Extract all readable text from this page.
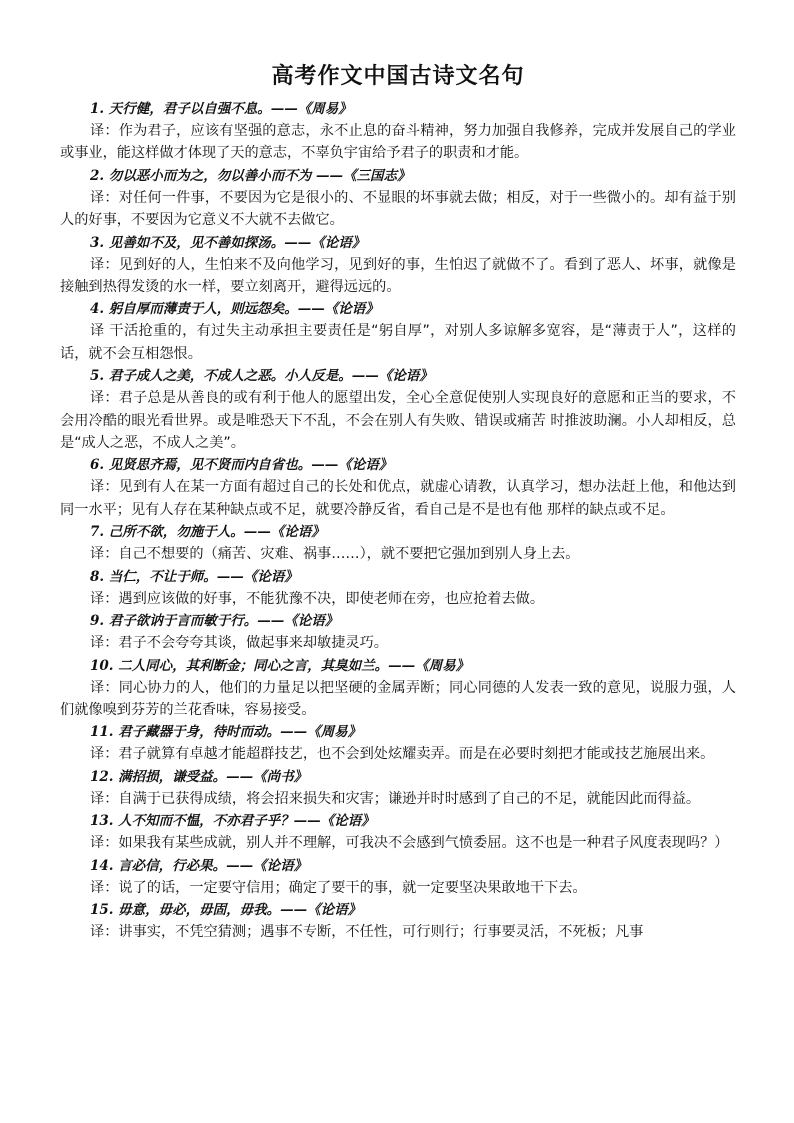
高考作文中国古诗文名句

1. 天行健，君子以自强不息。——《周易》

译：作为君子，应该有坚强的意志，永不止息的奋斗精神，努力加强自我修养，完成并发展自己的学业或事业，能这样做才体现了天的意志，不辜负宇宙给予君子的职责和才能。

2. 勿以恶小而为之，勿以善小而不为 ——《三国志》

译：对任何一件事，不要因为它是很小的、不显眼的坏事就去做；相反，对于一些微小的。却有益于别人的好事，不要因为它意义不大就不去做它。

3. 见善如不及，见不善如探汤。——《论语》

译：见到好的人，生怕来不及向他学习，见到好的事，生怕迟了就做不了。看到了恶人、坏事，就像是接触到热得发烫的水一样，要立刻离开，避得远远的。

4. 躬自厚而薄责于人，则远怨矣。——《论语》

译 干活抢重的，有过失主动承担主要责任是“躬自厚”，对别人多谅解多宽容，是“薄责于人”，这样的话，就不会互相怨恨。

5. 君子成人之美，不成人之恶。小人反是。——《论语》

译：君子总是从善良的或有利于他人的愿望出发，全心全意促使别人实现良好的意愿和正当的要求，不会用冷酷的眼光看世界。或是唯恐天下不乱，不会在别人有失败、错误或痛苦 时推波助澜。小人却相反，总是“成人之恶，不成人之美”。

6. 见贤思齐焉，见不贤而内自省也。——《论语》

译：见到有人在某一方面有超过自己的长处和优点，就虚心请教，认真学习，想办法赶上他，和他达到同一水平；见有人存在某种缺点或不足，就要冷静反省，看自己是不是也有他 那样的缺点或不足。

7. 己所不欲，勿施于人。——《论语》

译：自己不想要的（痛苦、灾难、祸事……），就不要把它强加到别人身上去。

8. 当仁，不让于师。——《论语》

译：遇到应该做的好事，不能犹豫不决，即使老师在旁，也应抢着去做。

9. 君子欲讷于言而敏于行。——《论语》

译：君子不会夸夸其谈，做起事来却敏捷灵巧。

10. 二人同心，其利断金；同心之言，其臭如兰。——《周易》

译：同心协力的人，他们的力量足以把坚硬的金属弄断；同心同德的人发表一致的意见，说服力强，人们就像嗅到芬芳的兰花香味，容易接受。

11. 君子藏器于身，待时而动。——《周易》

译：君子就算有卓越才能超群技艺，也不会到处炫耀卖弄。而是在必要时刻把才能或技艺施展出来。

12. 满招损，谦受益。——《尚书》

译：自满于已获得成绩，将会招来损失和灾害；谦逊并时时感到了自己的不足，就能因此而得益。

13. 人不知而不愠，不亦君子乎？——《论语》

译：如果我有某些成就，别人并不理解，可我决不会感到气愤委屈。这不也是一种君子风度表现吗？）

14. 言必信，行必果。——《论语》

译：说了的话，一定要守信用；确定了要干的事，就一定要坚决果敢地干下去。

15. 毋意，毋必，毋固，毋我。——《论语》

译：讲事实，不凭空猜测；遇事不专断，不任性，可行则行；行事要灵活，不死板；凡事
